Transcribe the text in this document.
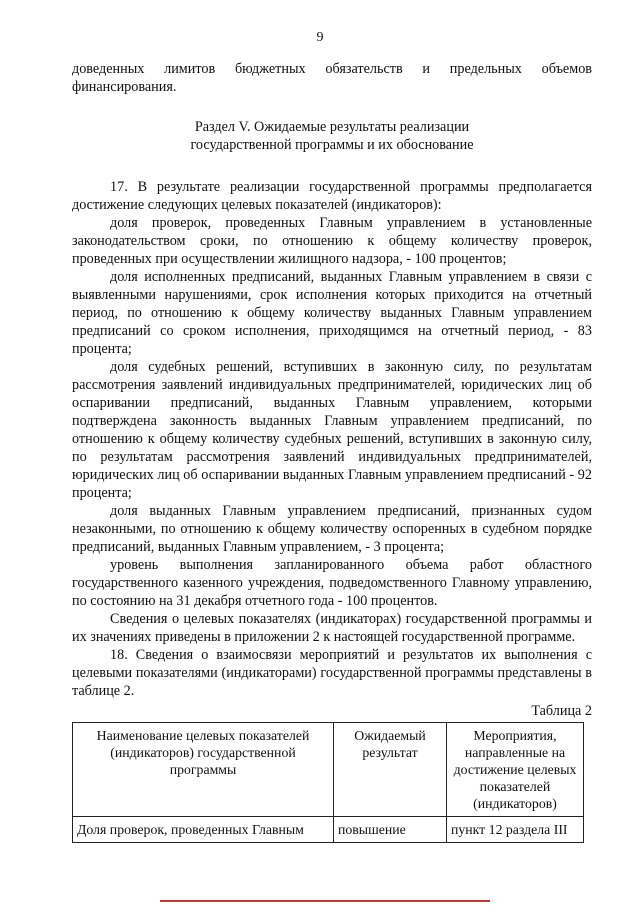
9

доведенных лимитов бюджетных обязательств и предельных объемов финансирования.

Раздел V. Ожидаемые результаты реализации
государственной программы и их обоснование

17. В результате реализации государственной программы предполагается достижение следующих целевых показателей (индикаторов):

доля проверок, проведенных Главным управлением в установленные законодательством сроки, по отношению к общему количеству проверок, проведенных при осуществлении жилищного надзора, - 100 процентов;

доля исполненных предписаний, выданных Главным управлением в связи с выявленными нарушениями, срок исполнения которых приходится на отчетный период, по отношению к общему количеству выданных Главным управлением предписаний со сроком исполнения, приходящимся на отчетный период, - 83 процента;

доля судебных решений, вступивших в законную силу, по результатам рассмотрения заявлений индивидуальных предпринимателей, юридических лиц об оспаривании предписаний, выданных Главным управлением, которыми подтверждена законность выданных Главным управлением предписаний, по отношению к общему количеству судебных решений, вступивших в законную силу, по результатам рассмотрения заявлений индивидуальных предпринимателей, юридических лиц об оспаривании выданных Главным управлением предписаний - 92 процента;

доля выданных Главным управлением предписаний, признанных судом незаконными, по отношению к общему количеству оспоренных в судебном порядке предписаний, выданных Главным управлением, - 3 процента;

уровень выполнения запланированного объема работ областного государственного казенного учреждения, подведомственного Главному управлению, по состоянию на 31 декабря отчетного года - 100 процентов.

Сведения о целевых показателях (индикаторах) государственной программы и их значениях приведены в приложении 2 к настоящей государственной программе.

18. Сведения о взаимосвязи мероприятий и результатов их выполнения с целевыми показателями (индикаторами) государственной программы представлены в таблице 2.

Таблица 2

Наименование целевых показателей (индикаторов) государственной программы	Ожидаемый результат	Мероприятия, направленные на достижение целевых показателей (индикаторов)
Доля проверок, проведенных Главным	повышение	пункт 12 раздела III
